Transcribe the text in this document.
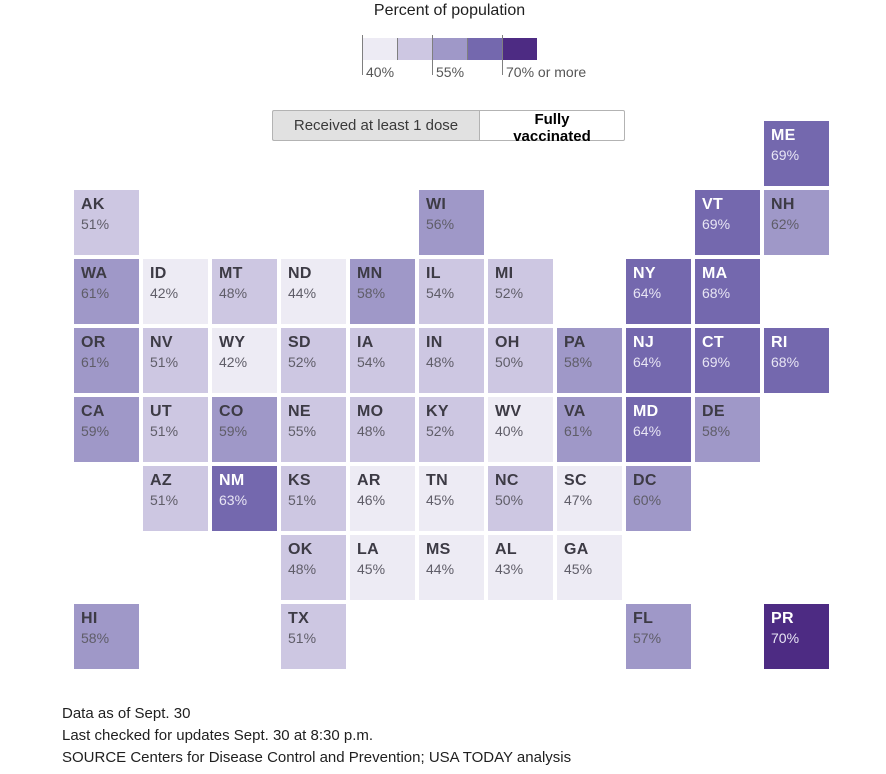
Percent of population
40%	55%	70% or more
Received at least 1 dose	Fully vaccinated	ME
69%
AK
51%
WI
56%
VT
69%
NH
62%
WA
61%
ID
42%
MT
48%
ND
44%
MN
58%
IL
54%
MI
52%
NY
64%
MA
68%
OR
61%
NV
51%
WY
42%
SD
52%
IA
54%
IN
48%
OH
50%
PA
58%
NJ
64%
CT
69%
RI
68%
CA
59%
UT
51%
CO
59%
NE
55%
MO
48%
KY
52%
WV
40%
VA
61%
MD
64%
DE
58%
AZ
51%
NM
63%
KS
51%
AR
46%
TN
45%
NC
50%
SC
47%
DC
60%
OK
48%
LA
45%
MS
44%
AL
43%
GA
45%
HI
58%
TX
51%
FL
57%
PR
70%
Data as of Sept. 30
Last checked for updates Sept. 30 at 8:30 p.m.
SOURCE Centers for Disease Control and Prevention; USA TODAY analysis
